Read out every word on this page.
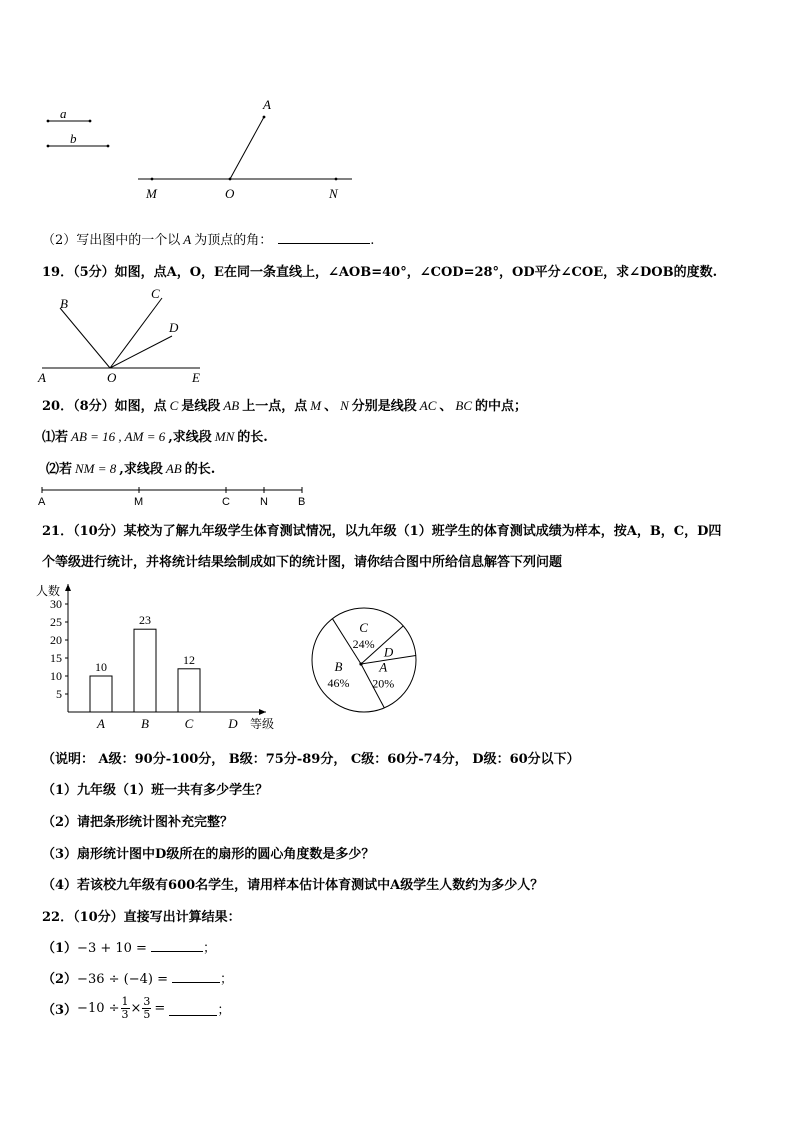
a
b
A
M	O	N
（2）写出图中的一个以 A 为顶点的角：	.
19．（5分）如图，点A，O，E在同一条直线上，∠AOB=40°，∠COD=28°，OD平分∠COE，求∠DOB的度数.
B
C
D
A	O	E
20．（8分）如图，点 C 是线段 AB 上一点，点 M 、 N 分别是线段 AC 、 BC 的中点；
⑴若 AB = 16 , AM = 6 ,求线段 MN 的长.
⑵若 NM = 8 ,求线段 AB 的长.
A	M	C	N	B
21．（10分）某校为了解九年级学生体育测试情况，以九年级（1）班学生的体育测试成绩为样本，按A，B，C，D四
个等级进行统计，并将统计结果绘制成如下的统计图，请你结合图中所给信息解答下列问题
人数
等级
5
10
15
20
25
30
10
A
23
B
12
C	D
B
46%
C
24%
D
A
20%
（说明： A级：90分-100分， B级：75分-89分， C级：60分-74分， D级：60分以下）
（1）九年级（1）班一共有多少学生？
（2）请把条形统计图补充完整？
（3）扇形统计图中D级所在的扇形的圆心角度数是多少？
（4）若该校九年级有600名学生，请用样本估计体育测试中A级学生人数约为多少人？
22．（10分）直接写出计算结果：
（1）−3 + 10 =	；
（2）−36 ÷ (−4) =	；
$(3) -10 \div \frac{1}{3} \times \frac{3}{5}$ =	；
